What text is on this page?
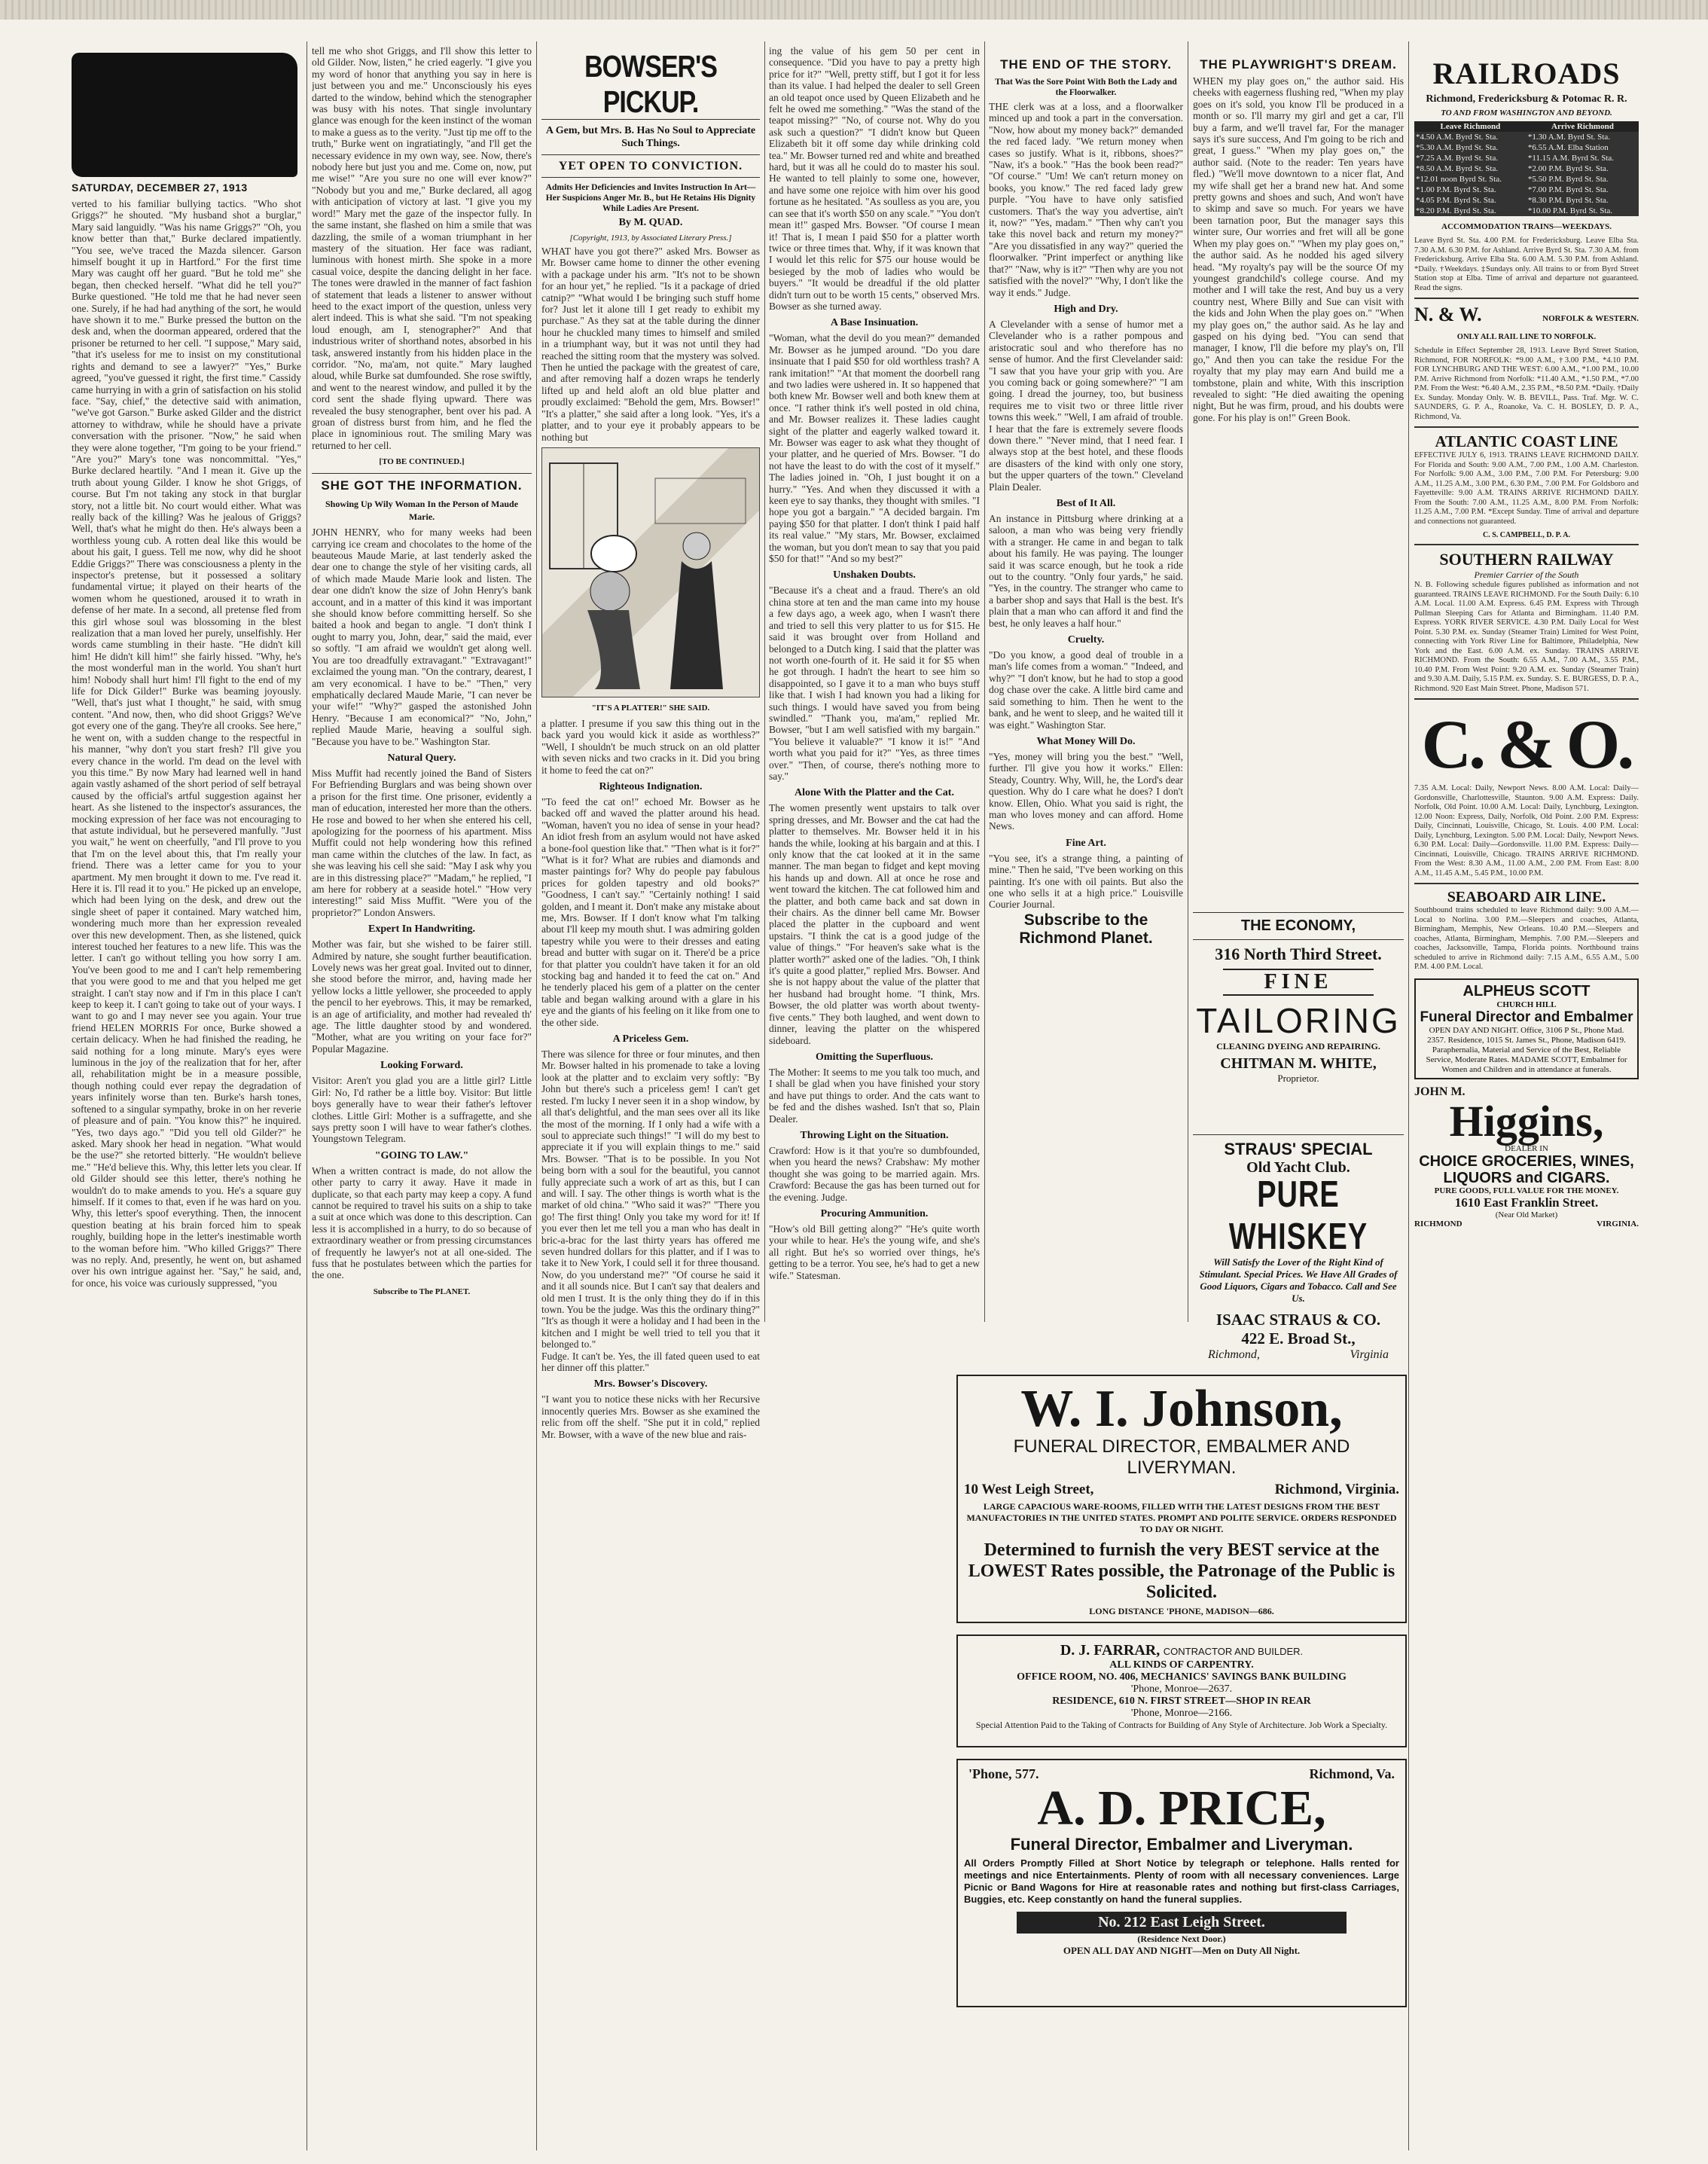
SATURDAY, DECEMBER 27, 1913
verted to his familiar bullying tactics. "Who shot Griggs?" he shouted. "My husband shot a burglar," Mary said languidly. "Was his name Griggs?" "Oh, you know better than that," Burke declared impatiently. "You see, we've traced the Mazda silencer. Garson himself bought it up in Hartford." For the first time Mary was caught off her guard. "But he told me" she began, then checked herself. "What did he tell you?" Burke questioned. "He told me that he had never seen one. Surely, if he had had anything of the sort, he would have shown it to me." Burke pressed the button on the desk and, when the doorman appeared, ordered that the prisoner be returned to her cell. "I suppose," Mary said, "that it's useless for me to insist on my constitutional rights and demand to see a lawyer?" "Yes," Burke agreed, "you've guessed it right, the first time." Cassidy came hurrying in with a grin of satisfaction on his stolid face. "Say, chief," the detective said with animation, "we've got Garson." Burke asked Gilder and the district attorney to withdraw, while he should have a private conversation with the prisoner. "Now," he said when they were alone together, "I'm going to be your friend." "Are you?" Mary's tone was noncommittal. "Yes," Burke declared heartily. "And I mean it. Give up the truth about young Gilder. I know he shot Griggs, of course. But I'm not taking any stock in that burglar story, not a little bit. No court would either. What was really back of the killing? Was he jealous of Griggs? Well, that's what he might do then. He's always been a worthless young cub. A rotten deal like this would be about his gait, I guess. Tell me now, why did he shoot Eddie Griggs?" There was consciousness a plenty in the inspector's pretense, but it possessed a solitary fundamental virtue; it played on their hearts of the women whom he questioned, aroused it to wrath in defense of her mate. In a second, all pretense fled from this girl whose soul was blossoming in the blest realization that a man loved her purely, unselfishly. Her words came stumbling in their haste. "He didn't kill him! He didn't kill him!" she fairly hissed. "Why, he's the most wonderful man in the world. You shan't hurt him! Nobody shall hurt him! I'll fight to the end of my life for Dick Gilder!" Burke was beaming joyously. "Well, that's just what I thought," he said, with smug content. "And now, then, who did shoot Griggs? We've got every one of the gang. They're all crooks. See here," he went on, with a sudden change to the respectful in his manner, "why don't you start fresh? I'll give you every chance in the world. I'm dead on the level with you this time." By now Mary had learned well in hand again vastly ashamed of the short period of self betrayal caused by the official's artful suggestion against her heart. As she listened to the inspector's assurances, the mocking expression of her face was not encouraging to that astute individual, but he persevered manfully. "Just you wait," he went on cheerfully, "and I'll prove to you that I'm on the level about this, that I'm really your friend. There was a letter came for you to your apartment. My men brought it down to me. I've read it. Here it is. I'll read it to you." He picked up an envelope, which had been lying on the desk, and drew out the single sheet of paper it contained. Mary watched him, wondering much more than her expression revealed over this new development. Then, as she listened, quick interest touched her features to a new life. This was the letter. I can't go without telling you how sorry I am. You've been good to me and I can't help remembering that you were good to me and that you helped me get straight. I can't stay now and if I'm in this place I can't keep to keep it. I can't going to take out of your ways. I want to go and I may never see you again. Your true friend HELEN MORRIS For once, Burke showed a certain delicacy. When he had finished the reading, he said nothing for a long minute. Mary's eyes were luminous in the joy of the realization that for her, after all, rehabilitation might be in a measure possible, though nothing could ever repay the degradation of years infinitely worse than ten. Burke's harsh tones, softened to a singular sympathy, broke in on her reverie of pleasure and of pain. "You know this?" he inquired. "Yes, two days ago." "Did you tell old Gilder?" he asked. Mary shook her head in negation. "What would be the use?" she retorted bitterly. "He wouldn't believe me." "He'd believe this. Why, this letter lets you clear. If old Gilder should see this letter, there's nothing he wouldn't do to make amends to you. He's a square guy himself. If it comes to that, even if he was hard on you. Why, this letter's spoof everything. Then, the innocent question beating at his brain forced him to speak roughly, building hope in the letter's inestimable worth to the woman before him. "Who killed Griggs?" There was no reply. And, presently, he went on, but ashamed over his own intrigue against her. "Say," he said, and, for once, his voice was curiously suppressed, "you
tell me who shot Griggs, and I'll show this letter to old Gilder. Now, listen," he cried eagerly. "I give you my word of honor that anything you say in here is just between you and me." Unconsciously his eyes darted to the window, behind which the stenographer was busy with his notes. That single involuntary glance was enough for the keen instinct of the woman to make a guess as to the verity. "Just tip me off to the truth," Burke went on ingratiatingly, "and I'll get the necessary evidence in my own way, see. Now, there's nobody here but just you and me. Come on, now, put me wise!" "Are you sure no one will ever know?" "Nobody but you and me," Burke declared, all agog with anticipation of victory at last. "I give you my word!" Mary met the gaze of the inspector fully. In the same instant, she flashed on him a smile that was dazzling, the smile of a woman triumphant in her mastery of the situation. Her face was radiant, luminous with honest mirth. She spoke in a more casual voice, despite the dancing delight in her face. The tones were drawled in the manner of fact fashion of statement that leads a listener to answer without heed to the exact import of the question, unless very alert indeed. This is what she said. "I'm not speaking loud enough, am I, stenographer?" And that industrious writer of shorthand notes, absorbed in his task, answered instantly from his hidden place in the corridor. "No, ma'am, not quite." Mary laughed aloud, while Burke sat dumfounded. She rose swiftly, and went to the nearest window, and pulled it by the cord sent the shade flying upward. There was revealed the busy stenographer, bent over his pad. A groan of distress burst from him, and he fled the place in ignominious rout. The smiling Mary was returned to her cell.
[TO BE CONTINUED.]
SHE GOT THE INFORMATION.
Showing Up Wily Woman In the Person of Maude Marie.
JOHN HENRY, who for many weeks had been carrying ice cream and chocolates to the home of the beauteous Maude Marie, at last tenderly asked the dear one to change the style of her visiting cards, all of which made Maude Marie look and listen. The dear one didn't know the size of John Henry's bank account, and in a matter of this kind it was important she should know before committing herself. So she baited a hook and began to angle. "I don't think I ought to marry you, John, dear," said the maid, ever so softly. "I am afraid we wouldn't get along well. You are too dreadfully extravagant." "Extravagant!" exclaimed the young man. "On the contrary, dearest, I am very economical. I have to be." "Then," very emphatically declared Maude Marie, "I can never be your wife!" "Why?" gasped the astonished John Henry. "Because I am economical?" "No, John," replied Maude Marie, heaving a soulful sigh. "Because you have to be." Washington Star.
Natural Query.
Miss Muffit had recently joined the Band of Sisters For Befriending Burglars and was being shown over a prison for the first time. One prisoner, evidently a man of education, interested her more than the others. He rose and bowed to her when she entered his cell, apologizing for the poorness of his apartment. Miss Muffit could not help wondering how this refined man came within the clutches of the law. In fact, as she was leaving his cell she said: "May I ask why you are in this distressing place?" "Madam," he replied, "I am here for robbery at a seaside hotel." "How very interesting!" said Miss Muffit. "Were you of the proprietor?" London Answers.
Expert In Handwriting.
Mother was fair, but she wished to be fairer still. Admired by nature, she sought further beautification. Lovely news was her great goal. Invited out to dinner, she stood before the mirror, and, having made her yellow locks a little yellower, she proceeded to apply the pencil to her eyebrows. This, it may be remarked, is an age of artificiality, and mother had revealed th' age. The little daughter stood by and wondered. "Mother, what are you writing on your face for?" Popular Magazine.
Looking Forward.
Visitor: Aren't you glad you are a little girl? Little Girl: No, I'd rather be a little boy. Visitor: But little boys generally have to wear their father's leftover clothes. Little Girl: Mother is a suffragette, and she says pretty soon I will have to wear father's clothes. Youngstown Telegram.
"GOING TO LAW."
When a written contract is made, do not allow the other party to carry it away. Have it made in duplicate, so that each party may keep a copy. A fund cannot be required to travel his suits on a ship to take a suit at once which was done to this description. Can less it is accomplished in a hurry, to do so because of extraordinary weather or from pressing circumstances of frequently he lawyer's not at all one-sided. The fuss that he postulates between which the parties for the one.
Subscribe to The PLANET.
BOWSER'S PICKUP.
A Gem, but Mrs. B. Has No Soul to Appreciate Such Things.
YET OPEN TO CONVICTION.
Admits Her Deficiencies and Invites Instruction In Art—Her Suspicions Anger Mr. B., but He Retains His Dignity While Ladies Are Present.
By M. QUAD.
[Copyright, 1913, by Associated Literary Press.]
WHAT have you got there?" asked Mrs. Bowser as Mr. Bowser came home to dinner the other evening with a package under his arm. "It's not to be shown for an hour yet," he replied. "Is it a package of dried catnip?" "What would I be bringing such stuff home for? Just let it alone till I get ready to exhibit my purchase." As they sat at the table during the dinner hour he chuckled many times to himself and smiled in a triumphant way, but it was not until they had reached the sitting room that the mystery was solved. Then he untied the package with the greatest of care, and after removing half a dozen wraps he tenderly lifted up and held aloft an old blue platter and proudly exclaimed: "Behold the gem, Mrs. Bowser!" "It's a platter," she said after a long look. "Yes, it's a platter, and to your eye it probably appears to be nothing but
"IT'S A PLATTER!" SHE SAID.
a platter. I presume if you saw this thing out in the back yard you would kick it aside as worthless?" "Well, I shouldn't be much struck on an old platter with seven nicks and two cracks in it. Did you bring it home to feed the cat on?"
Righteous Indignation.
"To feed the cat on!" echoed Mr. Bowser as he backed off and waved the platter around his head. "Woman, haven't you no idea of sense in your head? An idiot fresh from an asylum would not have asked a bone-fool question like that." "Then what is it for?" "What is it for? What are rubies and diamonds and master paintings for? Why do people pay fabulous prices for golden tapestry and old books?" "Goodness, I can't say." "Certainly nothing! I said golden, and I meant it. Don't make any mistake about me, Mrs. Bowser. If I don't know what I'm talking about I'll keep my mouth shut. I was admiring golden tapestry while you were to their dresses and eating bread and butter with sugar on it. There'd be a price for that platter you couldn't have taken it for an old stocking bag and handed it to feed the cat on." And he tenderly placed his gem of a platter on the center table and began walking around with a glare in his eye and the giants of his feeling on it like from one to the other side.
A Priceless Gem.
There was silence for three or four minutes, and then Mr. Bowser halted in his promenade to take a loving look at the platter and to exclaim very softly: "By John but there's such a priceless gem! I can't get rested. I'm lucky I never seen it in a shop window, by all that's delightful, and the man sees over all its like the most of the morning. If I only had a wife with a soul to appreciate such things!" "I will do my best to appreciate it if you will explain things to me." said Mrs. Bowser. "That is to be possible. In you Not being born with a soul for the beautiful, you cannot fully appreciate such a work of art as this, but I can and will. I say. The other things is worth what is the market of old china." "Who said it was?" "There you go! The first thing! Only you take my word for it! If you ever then let me tell you a man who has dealt in bric-a-brac for the last thirty years has offered me seven hundred dollars for this platter, and if I was to take it to New York, I could sell it for three thousand. Now, do you understand me?" "Of course he said it and it all sounds nice. But I can't say that dealers and old men I trust. It is the only thing they do if in this town. You be the judge. Was this the ordinary thing?" "It's as though it were a holiday and I had been in the kitchen and I might be well tried to tell you that it belonged to."
Fudge. It can't be. Yes, the ill fated queen used to eat her dinner off this platter."
Mrs. Bowser's Discovery.
"I want you to notice these nicks with her Recursive innocently queries Mrs. Bowser as she examined the relic from off the shelf. "She put it in cold," replied Mr. Bowser, with a wave of the new blue and rais-
ing the value of his gem 50 per cent in consequence. "Did you have to pay a pretty high price for it?" "Well, pretty stiff, but I got it for less than its value. I had helped the dealer to sell Green an old teapot once used by Queen Elizabeth and he felt he owed me something." "Was the stand of the teapot missing?" "No, of course not. Why do you ask such a question?" "I didn't know but Queen Elizabeth bit it off some day while drinking cold tea." Mr. Bowser turned red and white and breathed hard, but it was all he could do to master his soul. He wanted to tell plainly to some one, however, and have some one rejoice with him over his good fortune as he hesitated. "As soulless as you are, you can see that it's worth $50 on any scale." "You don't mean it!" gasped Mrs. Bowser. "Of course I mean it! That is, I mean I paid $50 for a platter worth twice or three times that. Why, if it was known that I would let this relic for $75 our house would be besieged by the mob of ladies who would be buyers." "It would be dreadful if the old platter didn't turn out to be worth 15 cents," observed Mrs. Bowser as she turned away.
A Base Insinuation.
"Woman, what the devil do you mean?" demanded Mr. Bowser as he jumped around. "Do you dare insinuate that I paid $50 for old worthless trash? A rank imitation!" "At that moment the doorbell rang and two ladies were ushered in. It so happened that both knew Mr. Bowser well and both knew them at once. "I rather think it's well posted in old china, and Mr. Bowser realizes it. These ladies caught sight of the platter and eagerly walked toward it. Mr. Bowser was eager to ask what they thought of your platter, and he queried of Mrs. Bowser. "I do not have the least to do with the cost of it myself." The ladies joined in. "Oh, I just bought it on a hurry." "Yes. And when they discussed it with a keen eye to say thanks, they thought with smiles. "I hope you got a bargain." "A decided bargain. I'm paying $50 for that platter. I don't think I paid half its real value." "My stars, Mr. Bowser, exclaimed the woman, but you don't mean to say that you paid $50 for that!" "And so my best?"
Unshaken Doubts.
"Because it's a cheat and a fraud. There's an old china store at ten and the man came into my house a few days ago, a week ago, when I wasn't there and tried to sell this very platter to us for $15. He said it was brought over from Holland and belonged to a Dutch king. I said that the platter was not worth one-fourth of it. He said it for $5 when he got through. I hadn't the heart to see him so disappointed, so I gave it to a man who buys stuff like that. I wish I had known you had a liking for such things. I would have saved you from being swindled." "Thank you, ma'am," replied Mr. Bowser, "but I am well satisfied with my bargain." "You believe it valuable?" "I know it is!" "And worth what you paid for it?" "Yes, as three times over." "Then, of course, there's nothing more to say."
Alone With the Platter and the Cat.
The women presently went upstairs to talk over spring dresses, and Mr. Bowser and the cat had the platter to themselves. Mr. Bowser held it in his hands the while, looking at his bargain and at this. I only know that the cat looked at it in the same manner. The man began to fidget and kept moving his hands up and down. All at once he rose and went toward the kitchen. The cat followed him and the platter, and both came back and sat down in their chairs. As the dinner bell came Mr. Bowser placed the platter in the cupboard and went upstairs. "I think the cat is a good judge of the value of things." "For heaven's sake what is the platter worth?" asked one of the ladies. "Oh, I think it's quite a good platter," replied Mrs. Bowser. And she is not happy about the value of the platter that her husband had brought home. "I think, Mrs. Bowser, the old platter was worth about twenty-five cents." They both laughed, and went down to dinner, leaving the platter on the whispered sideboard.
Omitting the Superfluous.
The Mother: It seems to me you talk too much, and I shall be glad when you have finished your story and have put things to order. And the cats want to be fed and the dishes washed. Isn't that so, Plain Dealer.
Throwing Light on the Situation.
Crawford: How is it that you're so dumbfounded, when you heard the news? Crabshaw: My mother thought she was going to be married again. Mrs. Crawford: Because the gas has been turned out for the evening. Judge.
Procuring Ammunition.
"How's old Bill getting along?" "He's quite worth your while to hear. He's the young wife, and she's all right. But he's so worried over things, he's getting to be a terror. You see, he's had to get a new wife." Statesman.
THE END OF THE STORY.
That Was the Sore Point With Both the Lady and the Floorwalker.
THE clerk was at a loss, and a floorwalker minced up and took a part in the conversation. "Now, how about my money back?" demanded the red faced lady. "We return money when cases so justify. What is it, ribbons, shoes?" "Naw, it's a book." "Has the book been read?" "Of course." "Um! We can't return money on books, you know." The red faced lady grew purple. "You have to have only satisfied customers. That's the way you advertise, ain't it, now?" "Yes, madam." "Then why can't you take this novel back and return my money?" "Are you dissatisfied in any way?" queried the floorwalker. "Print imperfect or anything like that?" "Naw, why is it?" "Then why are you not satisfied with the novel?" "Why, I don't like the way it ends." Judge.
High and Dry.
A Clevelander with a sense of humor met a Clevelander who is a rather pompous and aristocratic soul and who therefore has no sense of humor. And the first Clevelander said: "I saw that you have your grip with you. Are you coming back or going somewhere?" "I am going. I dread the journey, too, but business requires me to visit two or three little river towns this week." "Well, I am afraid of trouble. I hear that the fare is extremely severe floods down there." "Never mind, that I need fear. I always stop at the best hotel, and these floods are disasters of the kind with only one story, but the upper quarters of the town." Cleveland Plain Dealer.
Best of It All.
An instance in Pittsburg where drinking at a saloon, a man who was being very friendly with a stranger. He came in and began to talk about his family. He was paying. The lounger said it was scarce enough, but he took a ride out to the country. "Only four yards," he said. "Yes, in the country. The stranger who came to a barber shop and says that Hall is the best. It's plain that a man who can afford it and find the best, he only leaves a half hour."
Cruelty.
"Do you know, a good deal of trouble in a man's life comes from a woman." "Indeed, and why?" "I don't know, but he had to stop a good dog chase over the cake. A little bird came and said something to him. Then he went to the bank, and he went to sleep, and he waited till it was eight." Washington Star.
What Money Will Do.
"Yes, money will bring you the best." "Well, further. I'll give you how it works." Ellen: Steady, Country. Why, Will, he, the Lord's dear question. Why do I care what he does? I don't know. Ellen, Ohio. What you said is right, the man who loves money and can afford. Home News.
Fine Art.
"You see, it's a strange thing, a painting of mine." Then he said, "I've been working on this painting. It's one with oil paints. But also the one who sells it at a high price." Louisville Courier Journal.
Subscribe to the Richmond Planet.
THE PLAYWRIGHT'S DREAM.
WHEN my play goes on," the author said. His cheeks with eagerness flushing red, "When my play goes on it's sold, you know I'll be produced in a month or so. I'll marry my girl and get a car, I'll buy a farm, and we'll travel far, For the manager says it's sure success, And I'm going to be rich and great, I guess." "When my play goes on," the author said. (Note to the reader: Ten years have fled.) "We'll move downtown to a nicer flat, And my wife shall get her a brand new hat. And some pretty gowns and shoes and such, And won't have to skimp and save so much. For years we have been tarnation poor, But the manager says this winter sure, Our worries and fret will all be gone When my play goes on." "When my play goes on," the author said. As he nodded his aged silvery head. "My royalty's pay will be the source Of my youngest grandchild's college course. And my mother and I will take the rest, And buy us a very country nest, Where Billy and Sue can visit with the kids and John When the play goes on." "When my play goes on," the author said. As he lay and gasped on his dying bed. "You can send that manager, I know, I'll die before my play's on, I'll go," And then you can take the residue For the royalty that my play may earn And build me a tombstone, plain and white, With this inscription revealed to sight: "He died awaiting the opening night, But he was firm, proud, and his doubts were gone. For his play is on!" Green Book.
THE ECONOMY,
316 North Third Street.
FINE
TAILORING
CLEANING DYEING AND REPAIRING.
CHITMAN M. WHITE,
Proprietor.
STRAUS' SPECIAL
Old Yacht Club.
PURE WHISKEY
Will Satisfy the Lover of the Right Kind of Stimulant. Special Prices. We Have All Grades of Good Liquors, Cigars and Tobacco. Call and See Us.
ISAAC STRAUS & CO.
422 E. Broad St.,
Richmond,	Virginia
W. I. Johnson,
FUNERAL DIRECTOR, EMBALMER AND LIVERYMAN.
10 West Leigh Street,	Richmond, Virginia.
LARGE CAPACIOUS WARE-ROOMS, FILLED WITH THE LATEST DESIGNS FROM THE BEST MANUFACTORIES IN THE UNITED STATES. PROMPT AND POLITE SERVICE. ORDERS RESPONDED TO DAY OR NIGHT.
Determined to furnish the very BEST service at the LOWEST Rates possible, the Patronage of the Public is Solicited.
LONG DISTANCE 'PHONE, MADISON—686.
D. J. FARRAR, CONTRACTOR AND BUILDER.
ALL KINDS OF CARPENTRY.
OFFICE ROOM, NO. 406, MECHANICS' SAVINGS BANK BUILDING
'Phone, Monroe—2637.
RESIDENCE, 610 N. FIRST STREET—SHOP IN REAR
'Phone, Monroe—2166.
Special Attention Paid to the Taking of Contracts for Building of Any Style of Architecture. Job Work a Specialty.
'Phone, 577.	Richmond, Va.
A. D. PRICE,
Funeral Director, Embalmer and Liveryman.
All Orders Promptly Filled at Short Notice by telegraph or telephone. Halls rented for meetings and nice Entertainments. Plenty of room with all necessary conveniences. Large Picnic or Band Wagons for Hire at reasonable rates and nothing but first-class Carriages, Buggies, etc. Keep constantly on hand the funeral supplies.
No. 212 East Leigh Street.
(Residence Next Door.)
OPEN ALL DAY AND NIGHT—Men on Duty All Night.
RAILROADS
Richmond, Fredericksburg & Potomac R. R.
TO AND FROM WASHINGTON AND BEYOND.
Leave Richmond	Arrive Richmond
*4.50 A.M. Byrd St. Sta.	*1.30 A.M. Byrd St. Sta.
*5.30 A.M. Byrd St. Sta.	*6.55 A.M. Elba Station
*7.25 A.M. Byrd St. Sta.	*11.15 A.M. Byrd St. Sta.
*8.50 A.M. Byrd St. Sta.	*2.00 P.M. Byrd St. Sta.
*12.01 noon Byrd St. Sta.	*5.50 P.M. Byrd St. Sta.
*1.00 P.M. Byrd St. Sta.	*7.00 P.M. Byrd St. Sta.
*4.05 P.M. Byrd St. Sta.	*8.30 P.M. Byrd St. Sta.
*8.20 P.M. Byrd St. Sta.	*10.00 P.M. Byrd St. Sta.
ACCOMMODATION TRAINS—WEEKDAYS.
Leave Byrd St. Sta. 4.00 P.M. for Fredericksburg. Leave Elba Sta. 7.30 A.M. 6.30 P.M. for Ashland. Arrive Byrd St. Sta. 7.30 A.M. from Fredericksburg. Arrive Elba Sta. 6.00 A.M. 5.30 P.M. from Ashland. *Daily. †Weekdays. ‡Sundays only. All trains to or from Byrd Street Station stop at Elba. Time of arrival and departure not guaranteed. Read the signs.
N. & W.	NORFOLK & WESTERN.
ONLY ALL RAIL LINE TO NORFOLK.
Schedule in Effect September 28, 1913. Leave Byrd Street Station, Richmond, FOR NORFOLK: *9.00 A.M., †3.00 P.M., *4.10 P.M. FOR LYNCHBURG AND THE WEST: 6.00 A.M., *1.00 P.M., 10.00 P.M. Arrive Richmond from Norfolk: *11.40 A.M., *1.50 P.M., *7.00 P.M. From the West: *6.40 A.M., 2.35 P.M., *8.50 P.M. *Daily. †Daily Ex. Sunday. Monday Only. W. B. BEVILL, Pass. Traf. Mgr. W. C. SAUNDERS, G. P. A., Roanoke, Va. C. H. BOSLEY, D. P. A., Richmond, Va.
ATLANTIC COAST LINE
EFFECTIVE JULY 6, 1913. TRAINS LEAVE RICHMOND DAILY. For Florida and South: 9.00 A.M., 7.00 P.M., 1.00 A.M. Charleston. For Norfolk: 9.00 A.M., 3.00 P.M., 7.00 P.M. For Petersburg: 9.00 A.M., 11.25 A.M., 3.00 P.M., 6.30 P.M., 7.00 P.M. For Goldsboro and Fayetteville: 9.00 A.M. TRAINS ARRIVE RICHMOND DAILY. From the South: 7.00 A.M., 11.25 A.M., 8.00 P.M. From Norfolk: 11.25 A.M., 7.00 P.M. *Except Sunday. Time of arrival and departure and connections not guaranteed.
C. S. CAMPBELL, D. P. A.
SOUTHERN RAILWAY
Premier Carrier of the South
N. B. Following schedule figures published as information and not guaranteed. TRAINS LEAVE RICHMOND. For the South Daily: 6.10 A.M. Local. 11.00 A.M. Express. 6.45 P.M. Express with Through Pullman Sleeping Cars for Atlanta and Birmingham. 11.40 P.M. Express. YORK RIVER SERVICE. 4.30 P.M. Daily Local for West Point. 5.30 P.M. ex. Sunday (Steamer Train) Limited for West Point, connecting with York River Line for Baltimore, Philadelphia, New York and the East. 6.00 A.M. ex. Sunday. TRAINS ARRIVE RICHMOND. From the South: 6.55 A.M., 7.00 A.M., 3.55 P.M., 10.40 P.M. From West Point: 9.20 A.M. ex. Sunday (Steamer Train) and 9.30 A.M. Daily, 5.15 P.M. ex. Sunday. S. E. BURGESS, D. P. A., Richmond. 920 East Main Street. Phone, Madison 571.
C. & O.
7.35 A.M. Local: Daily, Newport News. 8.00 A.M. Local: Daily—Gordonsville, Charlottesville, Staunton. 9.00 A.M. Express: Daily. Norfolk, Old Point. 10.00 A.M. Local: Daily, Lynchburg, Lexington. 12.00 Noon: Express, Daily, Norfolk, Old Point. 2.00 P.M. Express: Daily, Cincinnati, Louisville, Chicago, St. Louis. 4.00 P.M. Local: Daily, Lynchburg, Lexington. 5.00 P.M. Local: Daily, Newport News. 6.30 P.M. Local: Daily—Gordonsville. 11.00 P.M. Express: Daily—Cincinnati, Louisville, Chicago. TRAINS ARRIVE RICHMOND. From the West: 8.30 A.M., 11.00 A.M., 2.00 P.M. From East: 8.00 A.M., 11.45 A.M., 5.45 P.M., 10.00 P.M.
SEABOARD AIR LINE.
Southbound trains scheduled to leave Richmond daily: 9.00 A.M.—Local to Norlina. 3.00 P.M.—Sleepers and coaches, Atlanta, Birmingham, Memphis, New Orleans. 10.40 P.M.—Sleepers and coaches, Atlanta, Birmingham, Memphis. 7.00 P.M.—Sleepers and coaches, Jacksonville, Tampa, Florida points. Northbound trains scheduled to arrive in Richmond daily: 7.15 A.M., 6.55 A.M., 5.00 P.M. 4.00 P.M. Local.
ALPHEUS SCOTT
CHURCH HILL
Funeral Director and Embalmer
OPEN DAY AND NIGHT. Office, 3106 P St., Phone Mad. 2357. Residence, 1015 St. James St., Phone, Madison 6419. Paraphernalia, Material and Service of the Best, Reliable Service, Moderate Rates. MADAME SCOTT, Embalmer for Women and Children and in attendance at funerals.
JOHN M.
Higgins,
DEALER IN
CHOICE GROCERIES, WINES, LIQUORS and CIGARS.
PURE GOODS, FULL VALUE FOR THE MONEY.
1610 East Franklin Street.
(Near Old Market)
RICHMOND	VIRGINIA.
